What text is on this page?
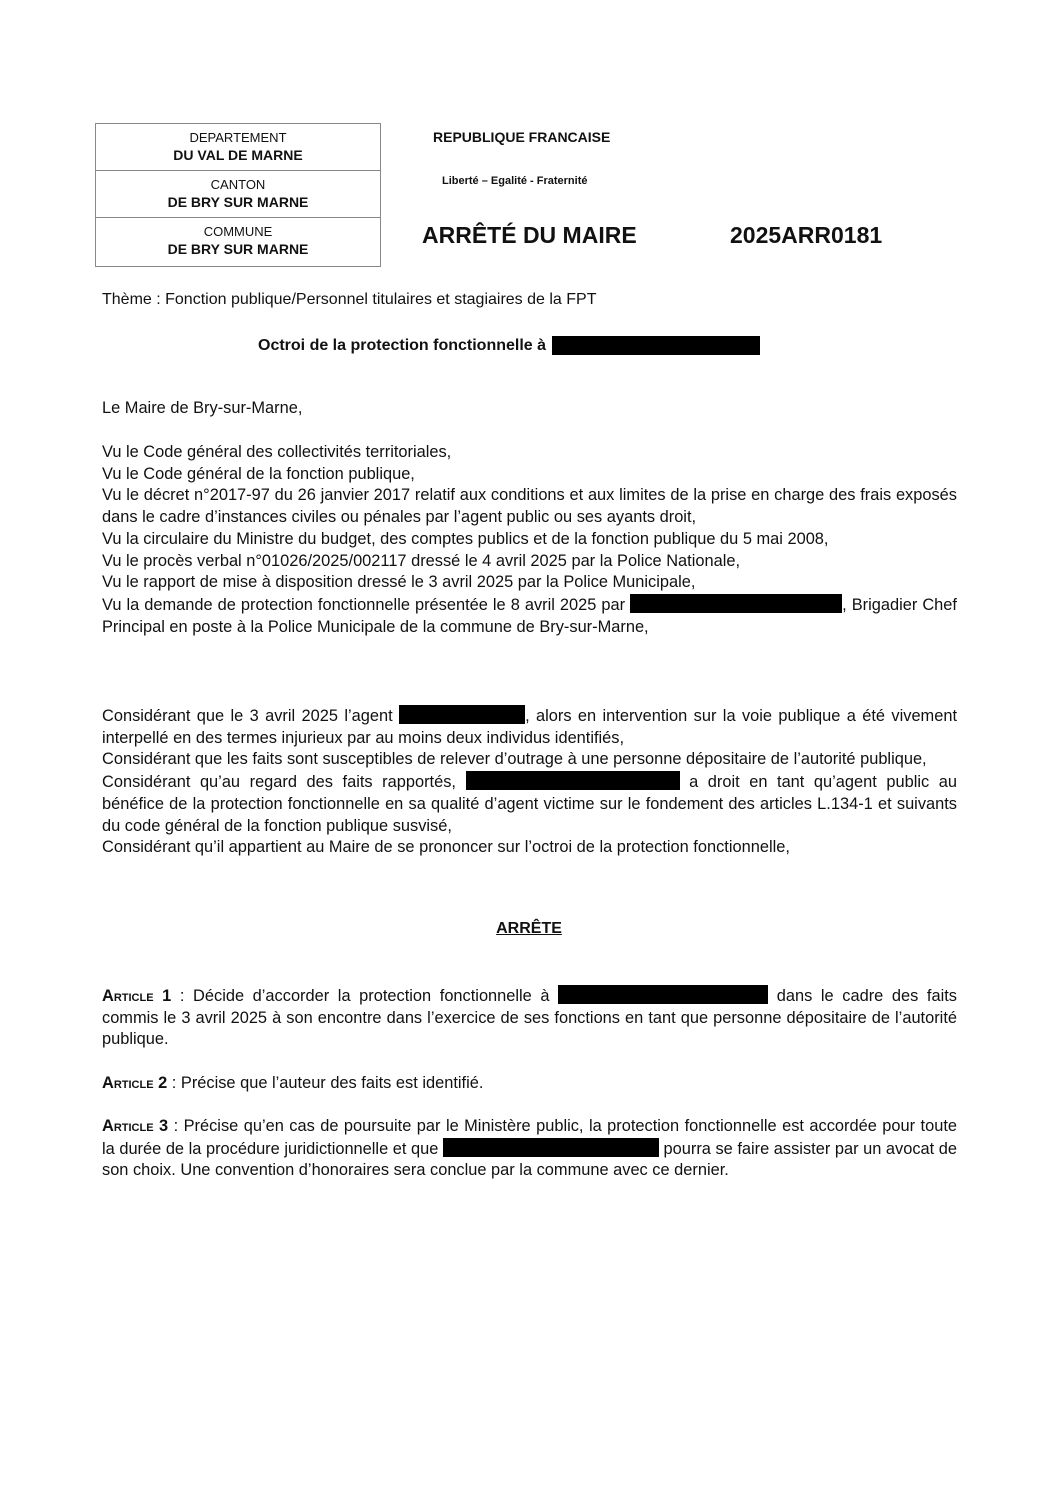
DEPARTEMENT
DU VAL DE MARNE
CANTON
DE BRY SUR MARNE
COMMUNE
DE BRY SUR MARNE
REPUBLIQUE FRANCAISE
Liberté – Egalité - Fraternité
ARRÊTÉ DU MAIRE	2025ARR0181
Thème : Fonction publique/Personnel titulaires et stagiaires de la FPT
Octroi de la protection fonctionnelle à

Le Maire de Bry-sur-Marne,

Vu le Code général des collectivités territoriales,

Vu le Code général de la fonction publique,

Vu le décret n°2017-97 du 26 janvier 2017 relatif aux conditions et aux limites de la prise en charge des frais exposés dans le cadre d’instances civiles ou pénales par l’agent public ou ses ayants droit,

Vu la circulaire du Ministre du budget, des comptes publics et de la fonction publique du 5 mai 2008,

Vu le procès verbal n°01026/2025/002117 dressé le 4 avril 2025 par la Police Nationale,

Vu le rapport de mise à disposition dressé le 3 avril 2025 par la Police Municipale,

Vu la demande de protection fonctionnelle présentée le 8 avril 2025 par	, Brigadier Chef Principal en poste à la Police Municipale de la commune de Bry-sur-Marne,

Considérant que le 3 avril 2025 l’agent	, alors en intervention sur la voie publique a été vivement interpellé en des termes injurieux par au moins deux individus identifiés,

Considérant que les faits sont susceptibles de relever d’outrage à une personne dépositaire de l’autorité publique,

Considérant qu’au regard des faits rapportés,	a droit en tant qu’agent public au bénéfice de la protection fonctionnelle en sa qualité d’agent victime sur le fondement des articles L.134-1 et suivants du code général de la fonction publique susvisé,

Considérant qu’il appartient au Maire de se prononcer sur l’octroi de la protection fonctionnelle,

ARRÊTE

Article 1 : Décide d’accorder la protection fonctionnelle à	dans le cadre des faits commis le 3 avril 2025 à son encontre dans l’exercice de ses fonctions en tant que personne dépositaire de l’autorité publique.

Article 2 : Précise que l’auteur des faits est identifié.

Article 3 : Précise qu’en cas de poursuite par le Ministère public, la protection fonctionnelle est accordée pour toute la durée de la procédure juridictionnelle et que	pourra se faire assister par un avocat de son choix. Une convention d’honoraires sera conclue par la commune avec ce dernier.
